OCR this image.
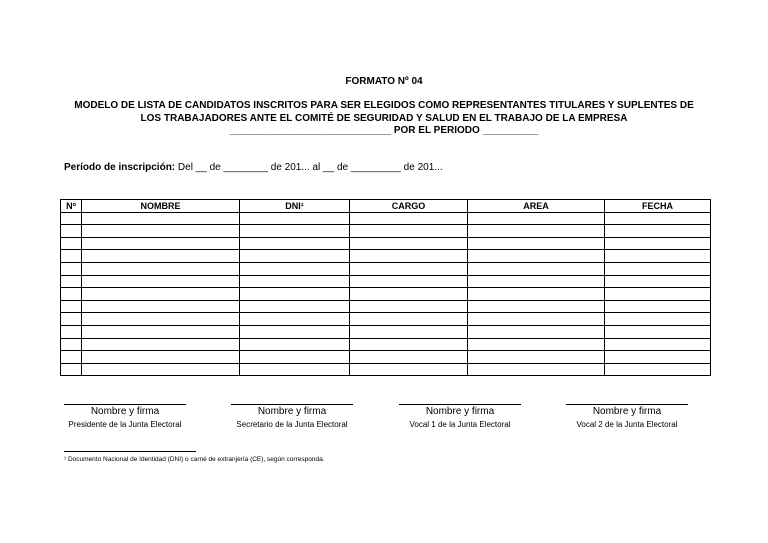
FORMATO Nº 04
MODELO DE LISTA DE CANDIDATOS INSCRITOS PARA SER ELEGIDOS COMO REPRESENTANTES TITULARES Y SUPLENTES DE
LOS TRABAJADORES ANTE EL COMITÉ DE SEGURIDAD Y SALUD EN EL TRABAJO DE LA EMPRESA
_____________________________ POR EL PERIODO __________
Período de inscripción: Del __ de ________ de 201... al __ de _________ de 201...
Nº	NOMBRE	DNI¹	CARGO	AREA	FECHA

Nombre y firma
Presidente de la Junta Electoral
Nombre y firma
Secretario de la Junta Electoral
Nombre y firma
Vocal 1 de la Junta Electoral
Nombre y firma
Vocal 2 de la Junta Electoral
¹ Documento Nacional de Identidad (DNI) o carné de extranjería (CE), según corresponda.
